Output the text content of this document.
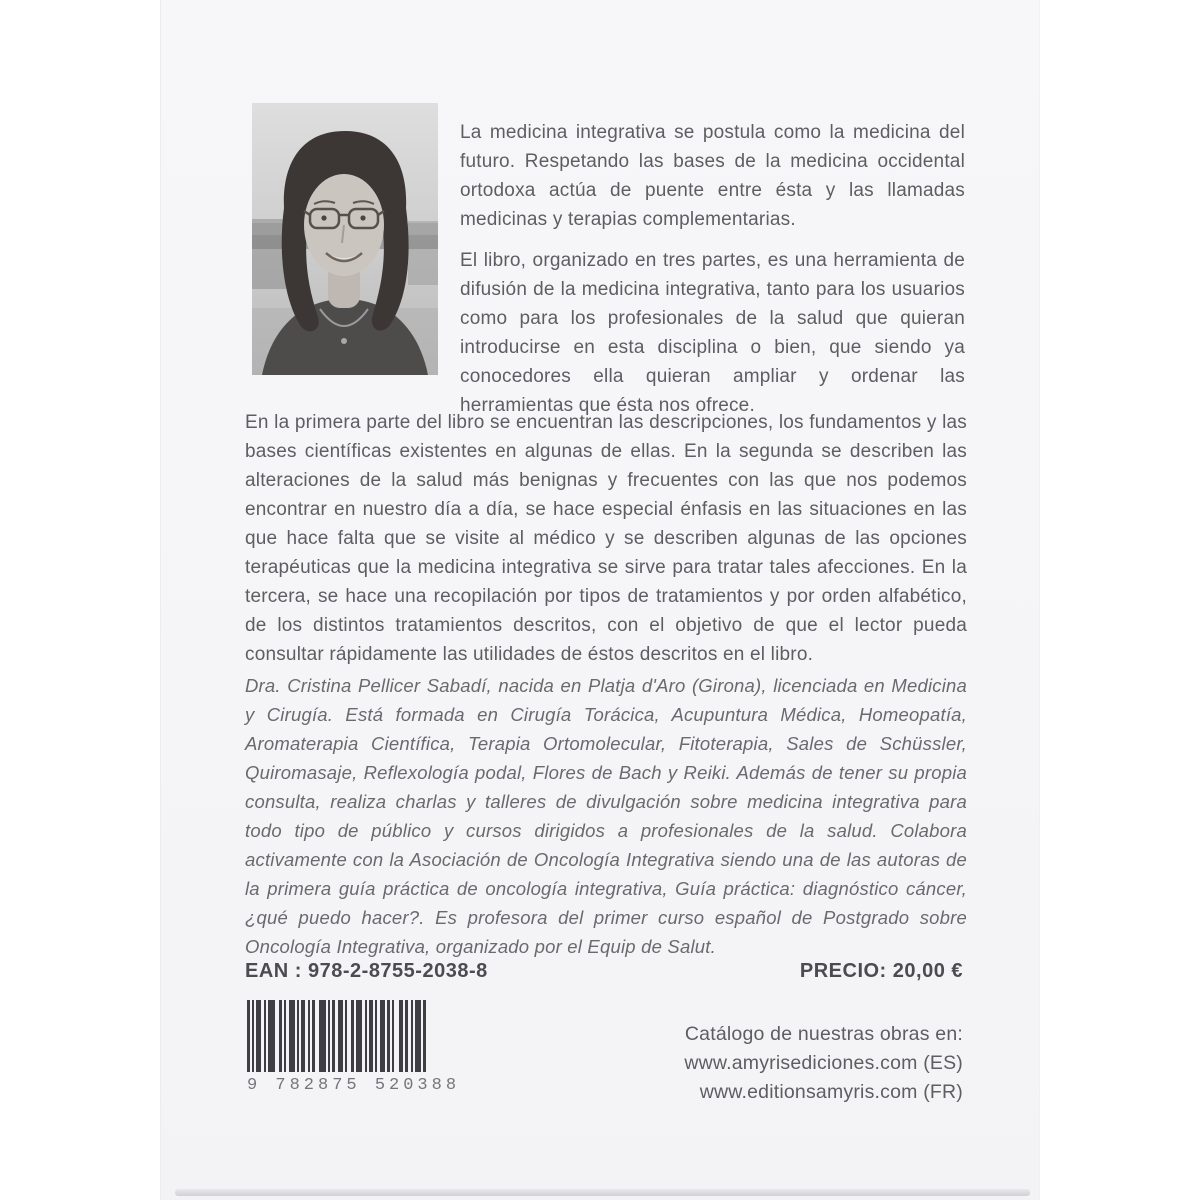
La medicina integrativa se postula como la medicina del futuro. Respetando las bases de la medicina occidental ortodoxa actúa de puente entre ésta y las llamadas medicinas y terapias complementarias.

El libro, organizado en tres partes, es una herramienta de difusión de la medicina integrativa, tanto para los usuarios como para los profesionales de la salud que quieran introducirse en esta disciplina o bien, que siendo ya conocedores ella quieran ampliar y ordenar las herramientas que ésta nos ofrece.

En la primera parte del libro se encuentran las descripciones, los fundamentos y las bases científicas existentes en algunas de ellas. En la segunda se describen las alteraciones de la salud más benignas y frecuentes con las que nos podemos encontrar en nuestro día a día, se hace especial énfasis en las situaciones en las que hace falta que se visite al médico y se describen algunas de las opciones terapéuticas que la medicina integrativa se sirve para tratar tales afecciones. En la tercera, se hace una recopilación por tipos de tratamientos y por orden alfabético, de los distintos tratamientos descritos, con el objetivo de que el lector pueda consultar rápidamente las utilidades de éstos descritos en el libro.

Dra. Cristina Pellicer Sabadí, nacida en Platja d'Aro (Girona), licenciada en Medicina y Cirugía. Está formada en Cirugía Torácica, Acupuntura Médica, Homeopatía, Aromaterapia Científica, Terapia Ortomolecular, Fitoterapia, Sales de Schüssler, Quiromasaje, Reflexología podal, Flores de Bach y Reiki. Además de tener su propia consulta, realiza charlas y talleres de divulgación sobre medicina integrativa para todo tipo de público y cursos dirigidos a profesionales de la salud. Colabora activamente con la Asociación de Oncología Integrativa siendo una de las autoras de la primera guía práctica de oncología integrativa, Guía práctica: diagnóstico cáncer, ¿qué puedo hacer?. Es profesora del primer curso español de Postgrado sobre Oncología Integrativa, organizado por el Equip de Salut.

EAN : 978-2-8755-2038-8	PRECIO: 20,00 €
9 782875 520388
Catálogo de nuestras obras en:
www.amyrisediciones.com (ES)
www.editionsamyris.com (FR)
